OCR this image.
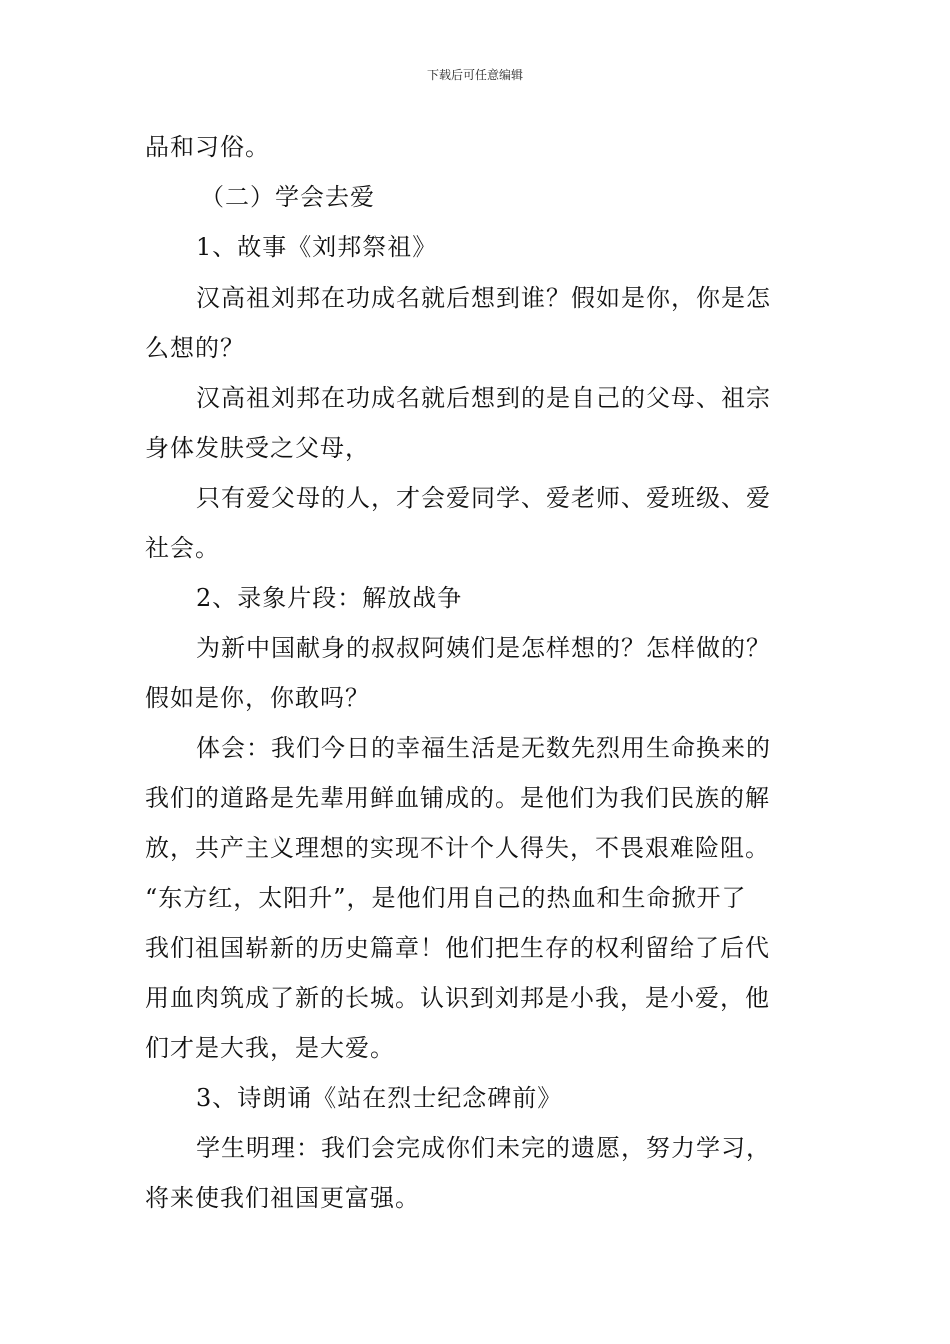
下载后可任意编辑
品和习俗。
（二）学会去爱
1、故事《刘邦祭祖》
汉高祖刘邦在功成名就后想到谁？假如是你，你是怎
么想的？
汉高祖刘邦在功成名就后想到的是自己的父母、祖宗
身体发肤受之父母，
只有爱父母的人，才会爱同学、爱老师、爱班级、爱
社会。
2、录象片段：解放战争
为新中国献身的叔叔阿姨们是怎样想的？怎样做的？
假如是你，你敢吗？
体会：我们今日的幸福生活是无数先烈用生命换来的
我们的道路是先辈用鲜血铺成的。是他们为我们民族的解
放，共产主义理想的实现不计个人得失，不畏艰难险阻。
“东方红，太阳升”，是他们用自己的热血和生命掀开了
我们祖国崭新的历史篇章！他们把生存的权利留给了后代
用血肉筑成了新的长城。认识到刘邦是小我，是小爱，他
们才是大我，是大爱。
3、诗朗诵《站在烈士纪念碑前》
学生明理：我们会完成你们未完的遗愿，努力学习，
将来使我们祖国更富强。
